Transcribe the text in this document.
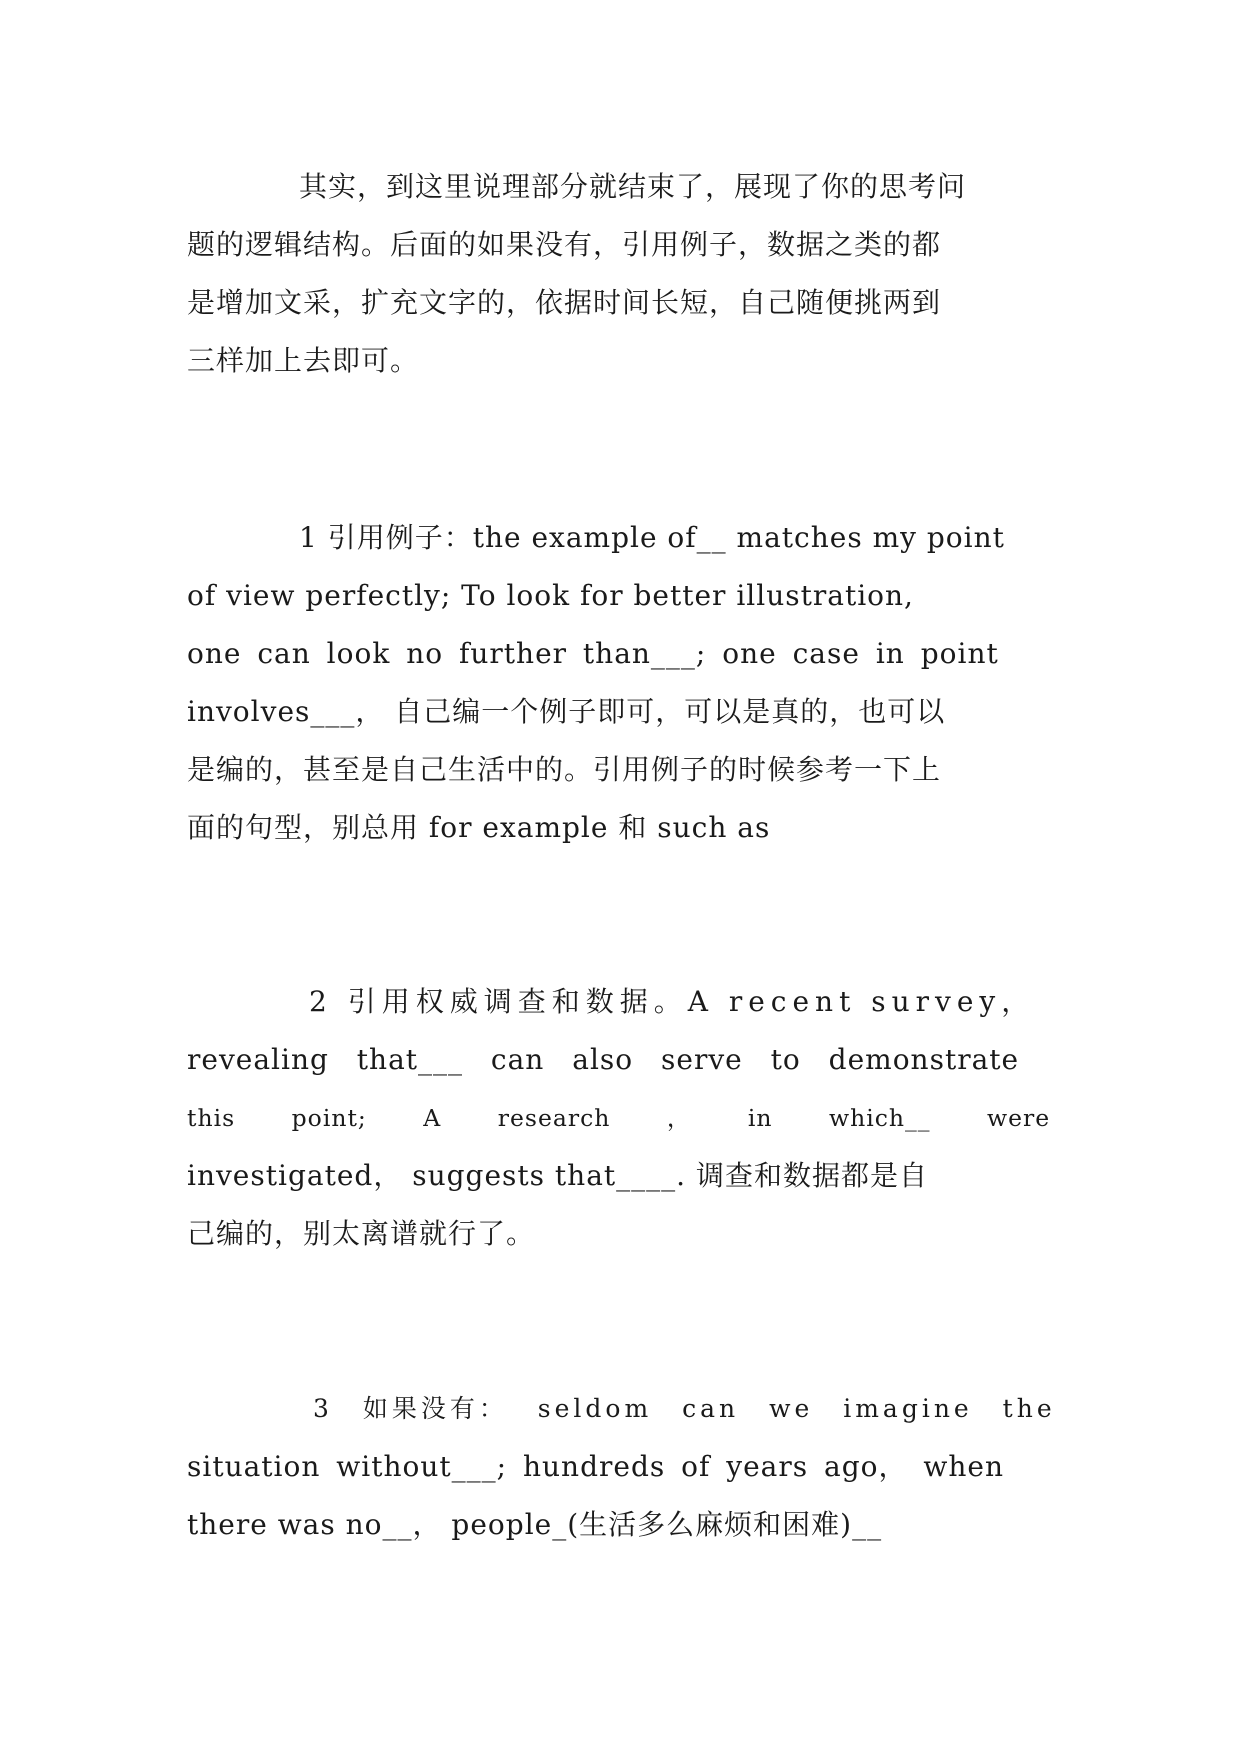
其实，到这里说理部分就结束了，展现了你的思考问
题的逻辑结构。后面的如果没有，引用例子，数据之类的都
是增加文采，扩充文字的，依据时间长短，自己随便挑两到
三样加上去即可。
1 引用例子：the example of__ matches my point
of view perfectly; To look for better illustration,
one can look no further than___; one case in point
involves___， 自己编一个例子即可，可以是真的，也可以
是编的，甚至是自己生活中的。引用例子的时候参考一下上
面的句型，别总用 for example 和 such as
2 引用权威调查和数据。A recent survey，
revealing that___ can also serve to demonstrate
this point; A research ， in which__ were
investigated， suggests that____. 调查和数据都是自
己编的，别太离谱就行了。
3 如果没有： seldom can we imagine the
situation without___; hundreds of years ago， when
there was no__， people_(生活多么麻烦和困难)__
